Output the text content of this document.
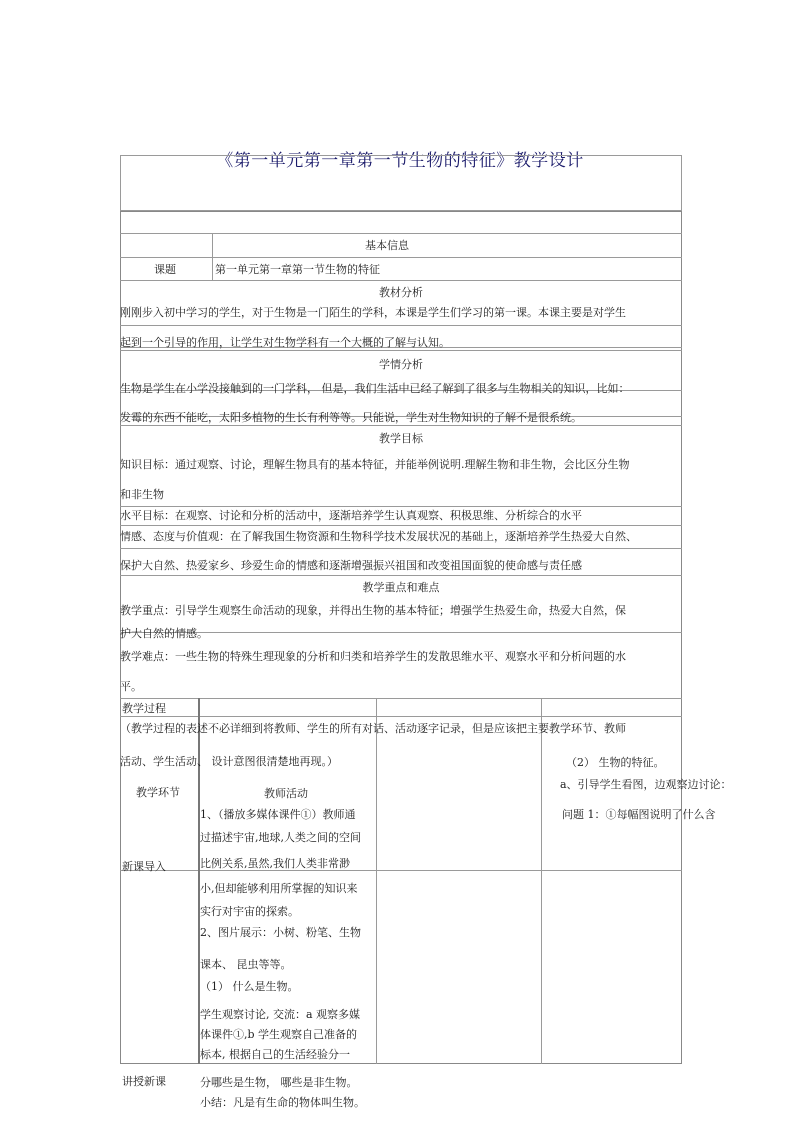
《第一单元第一章第一节生物的特征》教学设计
基本信息
课题	第一单元第一章第一节生物的特征
教材分析
刚刚步入初中学习的学生，对于生物是一门陌生的学科，本课是学生们学习的第一课。本课主要是对学生
起到一个引导的作用，让学生对生物学科有一个大概的了解与认知。
学情分析
生物是学生在小学没接触到的一门学科， 但是，我们生活中已经了解到了很多与生物相关的知识，比如：
发霉的东西不能吃，太阳多植物的生长有利等等。只能说，学生对生物知识的了解不是很系统。
教学目标
知识目标：通过观察、讨论，理解生物具有的基本特征，并能举例说明.理解生物和非生物，会比区分生物
和非生物
水平目标：在观察、讨论和分析的活动中，逐渐培养学生认真观察、积极思维、分析综合的水平
情感、态度与价值观：在了解我国生物资源和生物科学技术发展状况的基础上，逐渐培养学生热爱大自然、
保护大自然、热爱家乡、珍爱生命的情感和逐渐增强振兴祖国和改变祖国面貌的使命感与责任感
教学重点和难点
教学重点：引导学生观察生命活动的现象，并得出生物的基本特征；增强学生热爱生命，热爱大自然，保
护大自然的情感。
教学难点：一些生物的特殊生理现象的分析和归类和培养学生的发散思维水平、观察水平和分析问题的水
平。
教学过程
（教学过程的表述不必详细到将教师、学生的所有对话、活动逐字记录，但是应该把主要教学环节、教师
活动、学生活动、 设计意图很清楚地再现。）
教学环节	教师活动
新课导入
讲授新课
1、（播放多媒体课件①）教师通
过描述宇宙,地球,人类之间的空间
比例关系,虽然,我们人类非常渺
小,但却能够利用所掌握的知识来
实行对宇宙的探索。
2、图片展示：小树、粉笔、生物
课本、 昆虫等等。
（1） 什么是生物。
学生观察讨论, 交流：a 观察多媒
体课件①,b 学生观察自己准备的
标本, 根据自己的生活经验分一
分哪些是生物， 哪些是非生物。
小结：凡是有生命的物体叫生物。
（2） 生物的特征。
a、引导学生看图，边观察边讨论：
问题 1：①每幅图说明了什么含
